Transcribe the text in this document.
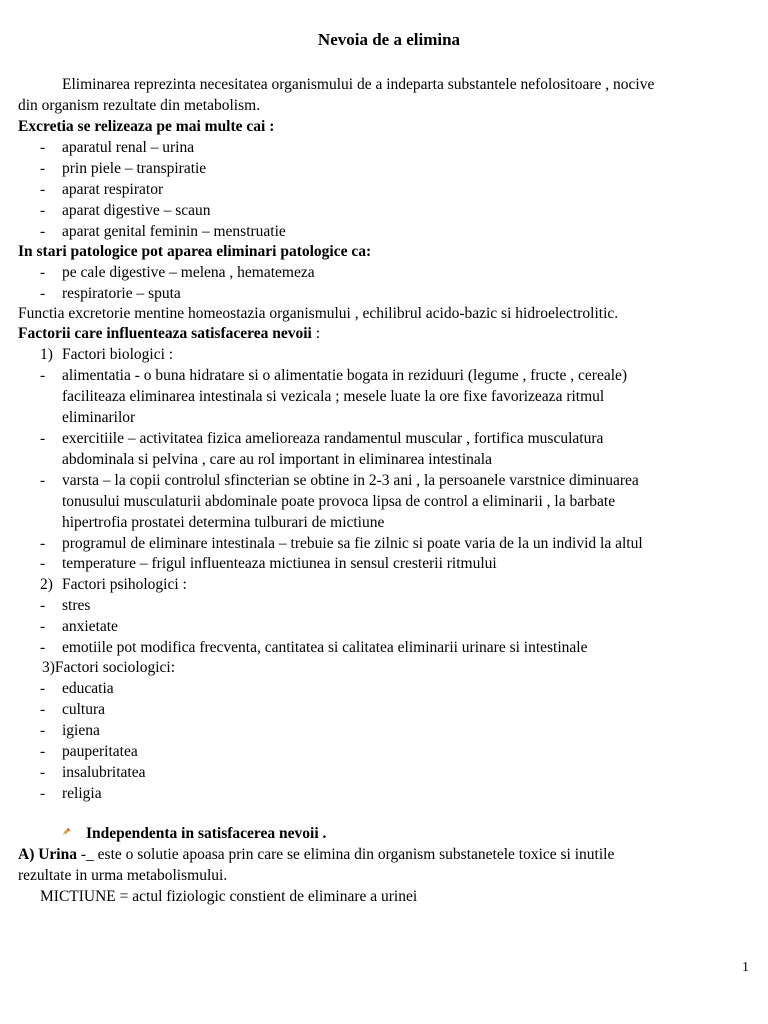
Nevoia de a elimina
Eliminarea reprezinta necesitatea organismului de a indeparta substantele nefolositoare , nocive
din organism rezultate din metabolism.
Excretia se relizeaza pe mai multe cai :
- aparatul renal – urina
- prin piele – transpiratie
- aparat respirator
- aparat digestive – scaun
- aparat genital feminin – menstruatie
In stari patologice pot aparea eliminari patologice ca:
- pe cale digestive – melena , hematemeza
- respiratorie – sputa
Functia excretorie mentine homeostazia organismului , echilibrul acido-bazic si hidroelectrolitic.
Factorii care influenteaza satisfacerea nevoii :
1) Factori biologici :
- alimentatia - o buna hidratare si o alimentatie bogata in reziduuri (legume , fructe , cereale)
faciliteaza eliminarea intestinala si vezicala ; mesele luate la ore fixe favorizeaza ritmul
eliminarilor
- exercitiile – activitatea fizica amelioreaza randamentul muscular , fortifica musculatura
abdominala si pelvina , care au rol important in eliminarea intestinala
- varsta – la copii controlul sfincterian se obtine in 2-3 ani , la persoanele varstnice diminuarea
tonusului musculaturii abdominale poate provoca lipsa de control a eliminarii , la barbate
hipertrofia prostatei determina tulburari de mictiune
- programul de eliminare intestinala – trebuie sa fie zilnic si poate varia de la un individ la altul
- temperature – frigul influenteaza mictiunea in sensul cresterii ritmului
2) Factori psihologici :
- stres
- anxietate
- emotiile pot modifica frecventa, cantitatea si calitatea eliminarii urinare si intestinale
3)Factori sociologici:
- educatia
- cultura
- igiena
- pauperitatea
- insalubritatea
- religia
Independenta in satisfacerea nevoii .
A) Urina -_ este o solutie apoasa prin care se elimina din organism substanetele toxice si inutile
rezultate in urma metabolismului.
MICTIUNE = actul fiziologic constient de eliminare a urinei
1
